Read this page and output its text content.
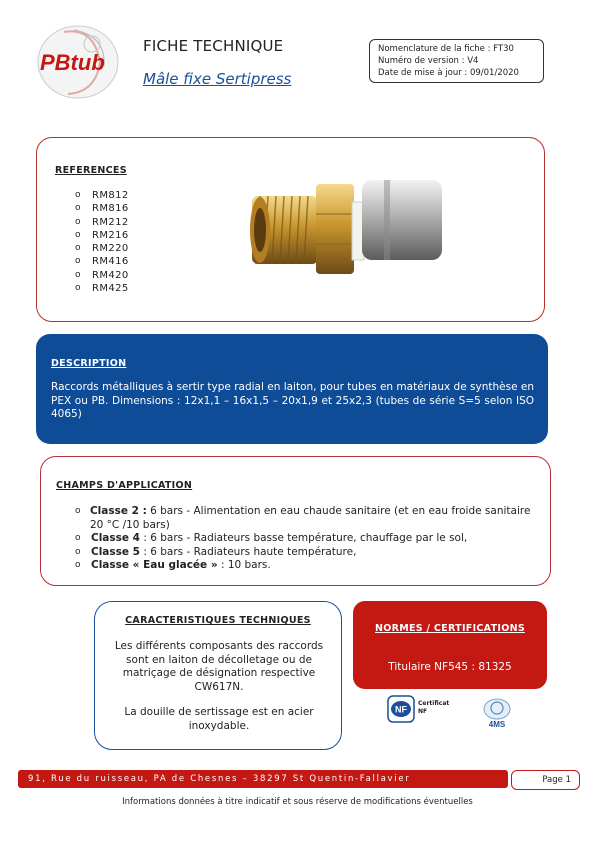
PBtub
FICHE TECHNIQUE
Mâle fixe Sertipress
Nomenclature de la fiche : FT30
Numéro de version : V4
Date de mise à jour : 09/01/2020
REFERENCES
o RM812
o RM816
o RM212
o RM216
o RM220
o RM416
o RM420
o RM425
DESCRIPTION
Raccords métalliques à sertir type radial en laiton, pour tubes en matériaux de synthèse en PEX ou PB. Dimensions : 12x1,1 – 16x1,5 – 20x1,9 et 25x2,3 (tubes de série S=5 selon ISO 4065)
CHAMPS D'APPLICATION
o Classe 2 : 6 bars - Alimentation en eau chaude sanitaire (et en eau froide sanitaire 20 °C /10 bars)
o Classe 4 : 6 bars - Radiateurs basse température, chauffage par le sol,
o Classe 5 : 6 bars - Radiateurs haute température,
o Classe « Eau glacée » : 10 bars.
CARACTERISTIQUES TECHNIQUES
Les différents composants des raccords sont en laiton de décolletage ou de matriçage de désignation respective CW617N.
La douille de sertissage est en acier inoxydable.
NORMES / CERTIFICATIONS
Titulaire NF545 : 81325
NF
Certificat
NF
4MS
91, Rue du ruisseau, PA de Chesnes – 38297 St Quentin-Fallavier	Page 1
Informations données à titre indicatif et sous réserve de modifications éventuelles
